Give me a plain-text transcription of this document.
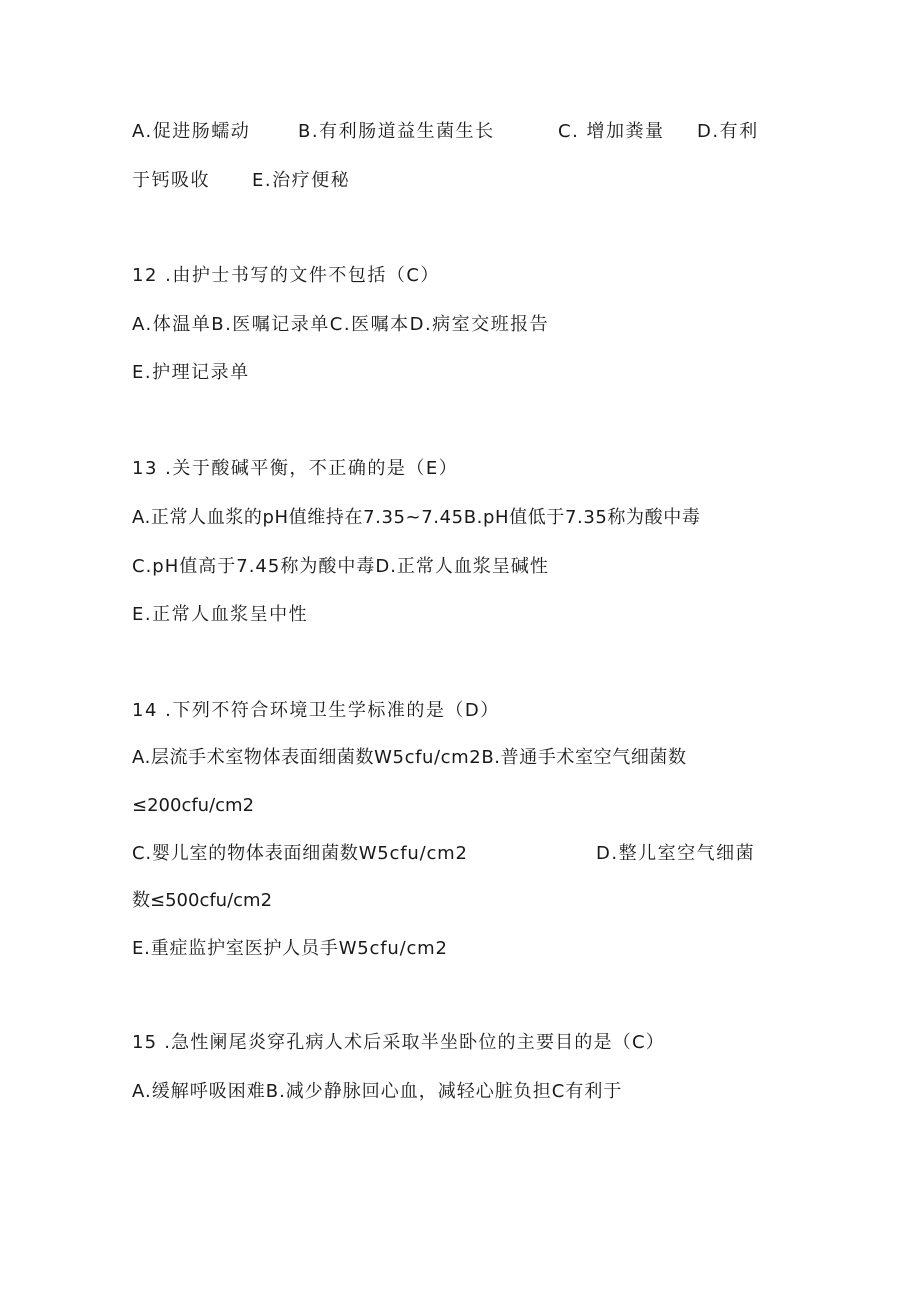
A.促进肠蠕动	B.有利肠道益生菌生长	C. 增加粪量 D.有利
于钙吸收 E.治疗便秘
12 .由护士书写的文件不包括（C）
A.体温单B.医嘱记录单C.医嘱本D.病室交班报告
E.护理记录单
13 .关于酸碱平衡，不正确的是（E）
A.正常人血浆的pH值维持在7.35~7.45B.pH值低于7.35称为酸中毒
C.pH值高于7.45称为酸中毒D.正常人血浆呈碱性
E.正常人血浆呈中性
14 .下列不符合环境卫生学标准的是（D）
A.层流手术室物体表面细菌数W5cfu∕cm2B.普通手术室空气细菌数
≤200cfu∕cm2
C.婴儿室的物体表面细菌数W5cfu∕cm2	D.整儿室空气细菌
数≤500cfu∕cm2
E.重症监护室医护人员手W5cfu∕cm2
15 .急性阑尾炎穿孔病人术后采取半坐卧位的主要目的是（C）
A.缓解呼吸困难B.减少静脉回心血，减轻心脏负担C有利于
